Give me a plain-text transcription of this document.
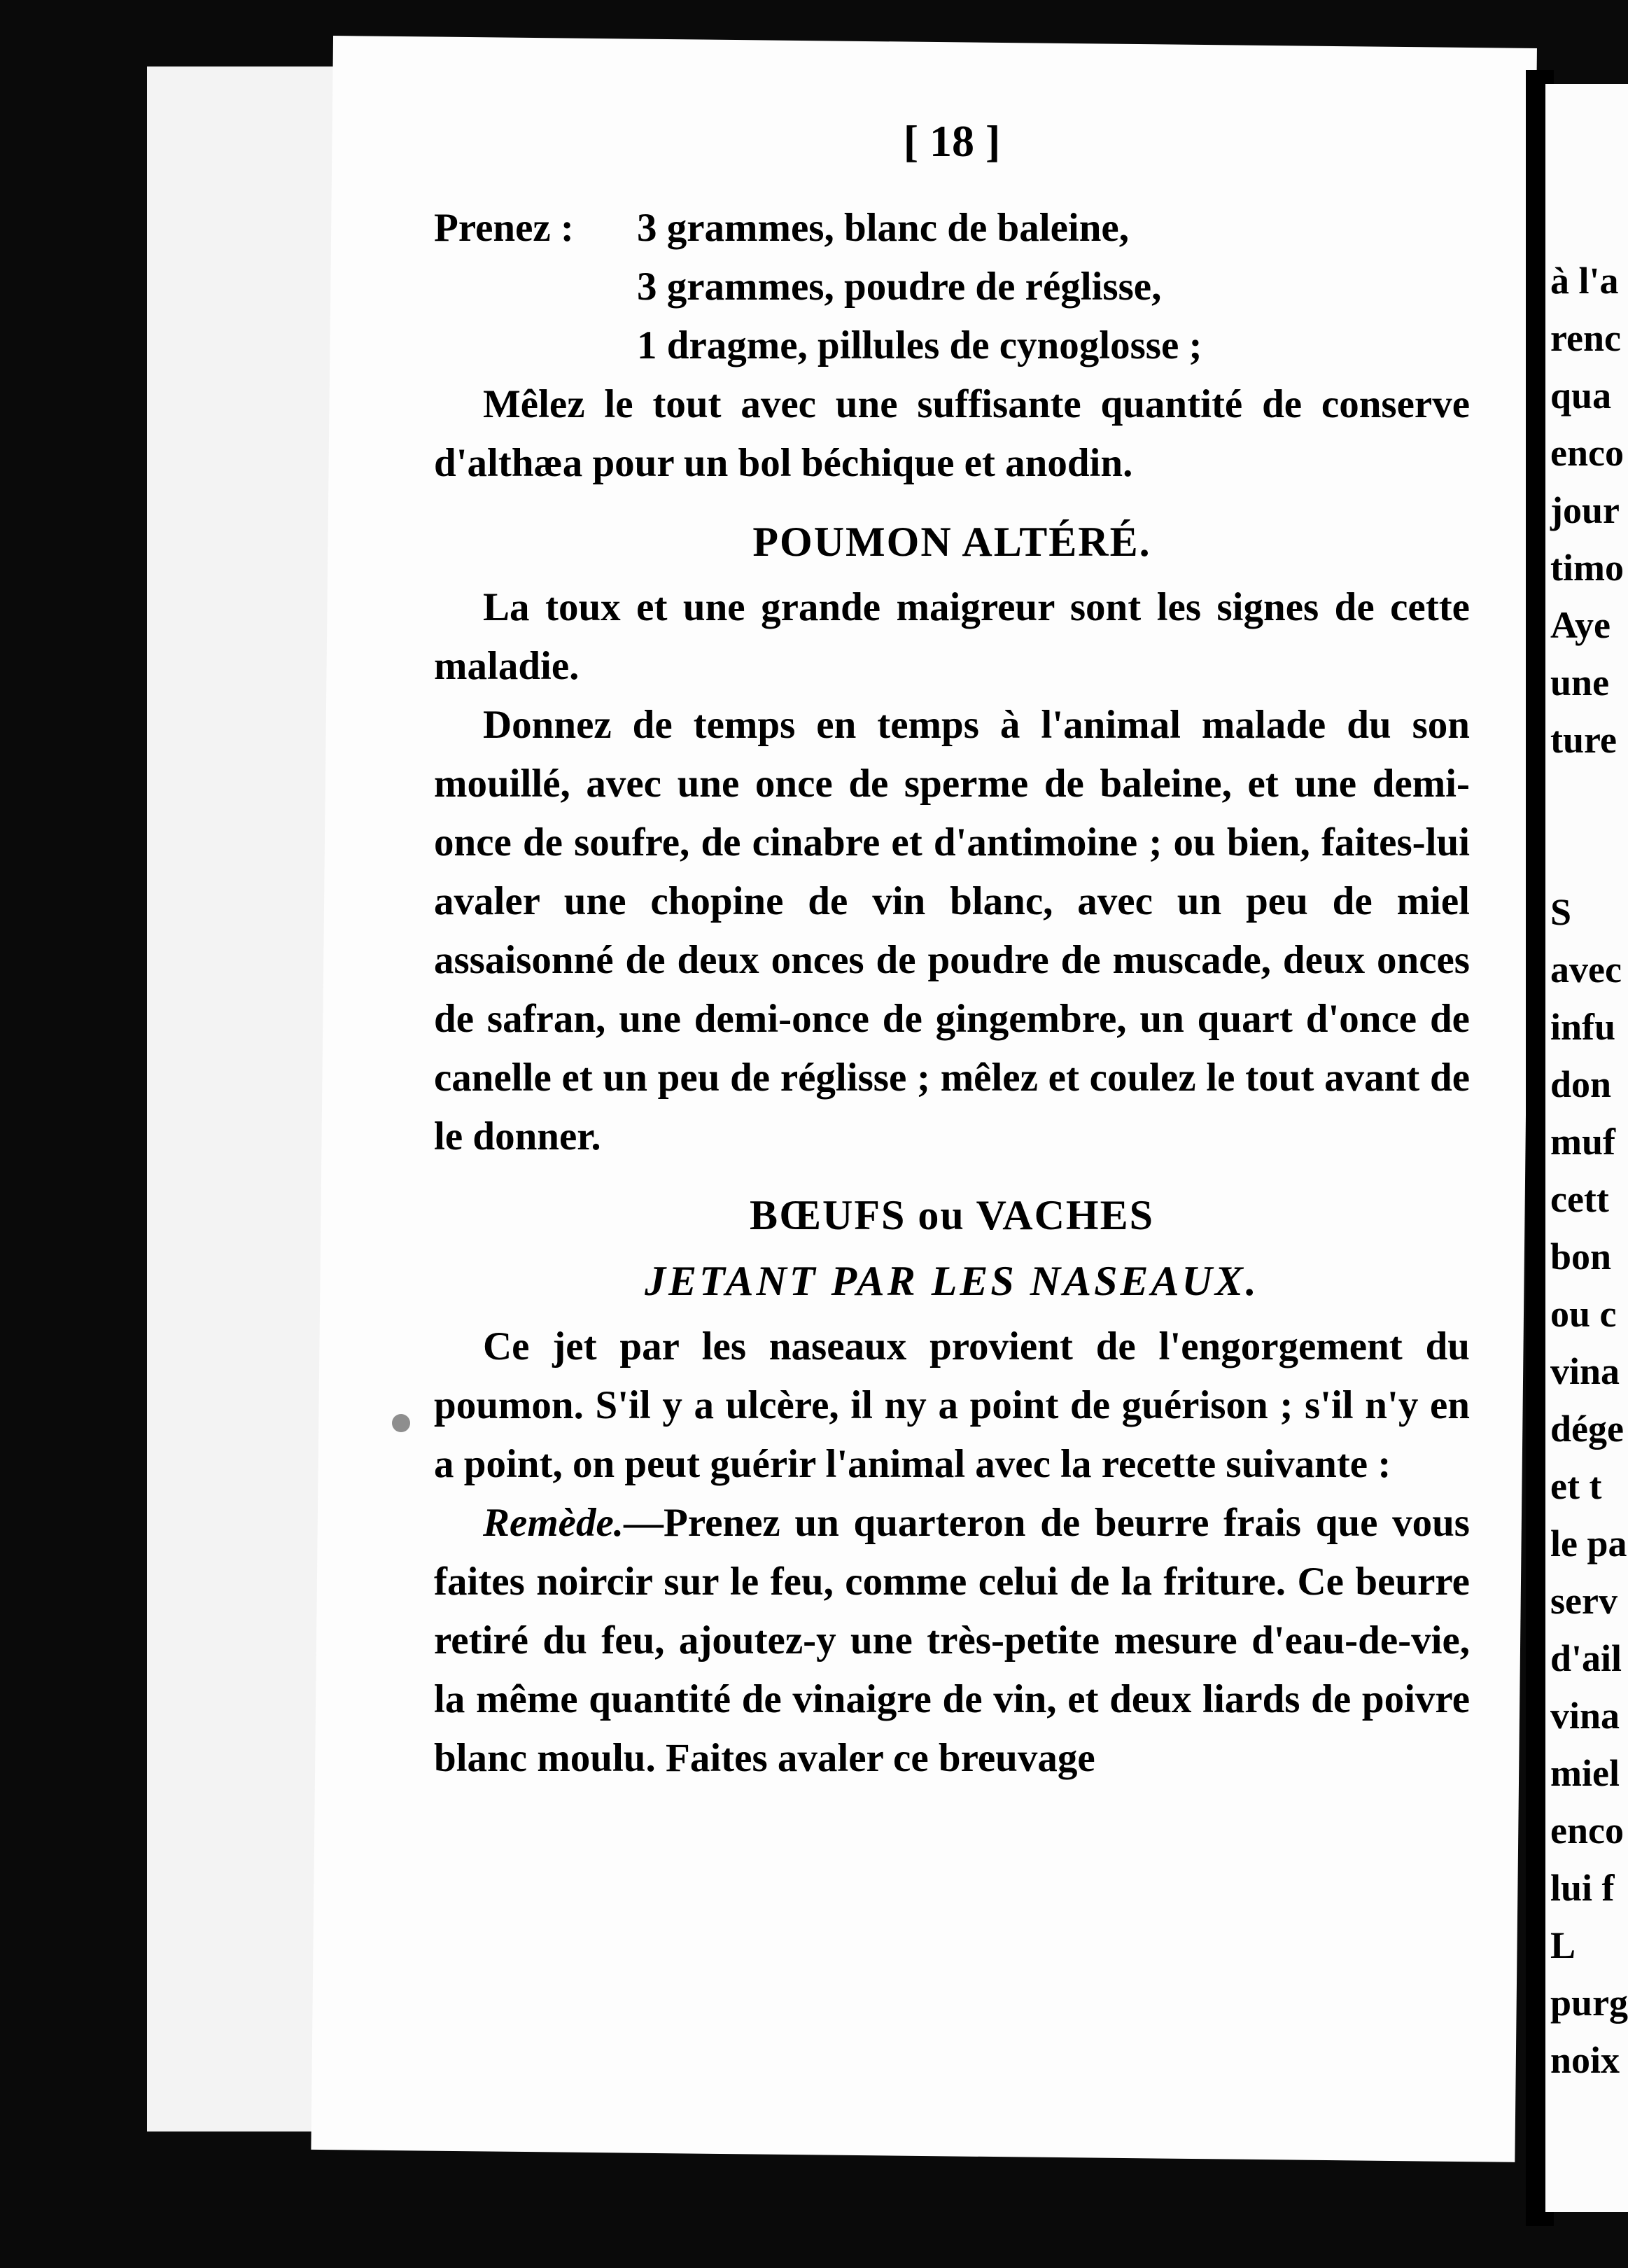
[ 18 ]
Prenez : 3 grammes, blanc de baleine,
3 grammes, poudre de réglisse,
1 dragme, pillules de cynoglosse ;

Mêlez le tout avec une suffisante quantité de conserve d'althæa pour un bol béchique et anodin.

POUMON ALTÉRÉ.

La toux et une grande maigreur sont les signes de cette maladie.

Donnez de temps en temps à l'animal malade du son mouillé, avec une once de sperme de baleine, et une demi-once de soufre, de cinabre et d'antimoine ; ou bien, faites-lui avaler une chopine de vin blanc, avec un peu de miel assaisonné de deux onces de poudre de muscade, deux onces de safran, une demi-once de gingembre, un quart d'once de canelle et un peu de réglisse ; mêlez et coulez le tout avant de le donner.

BŒUFS ou VACHES
JETANT PAR LES NASEAUX.

Ce jet par les naseaux provient de l'engorgement du poumon. S'il y a ulcère, il ny a point de guérison ; s'il n'y en a point, on peut guérir l'animal avec la recette suivante :

Remède.—Prenez un quarteron de beurre frais que vous faites noircir sur le feu, comme celui de la friture. Ce beurre retiré du feu, ajoutez-y une très-petite mesure d'eau-de-vie, la même quantité de vinaigre de vin, et deux liards de poivre blanc moulu. Faites avaler ce breuvage

à l'a
renc
qua
enco
jour
timo
Aye
une
ture
S
avec
infu
don
muf
cett
bon
ou c
vina
dége
et t
le pa
serv
d'ail
vina
miel
enco
lui f
L
purg
noix
